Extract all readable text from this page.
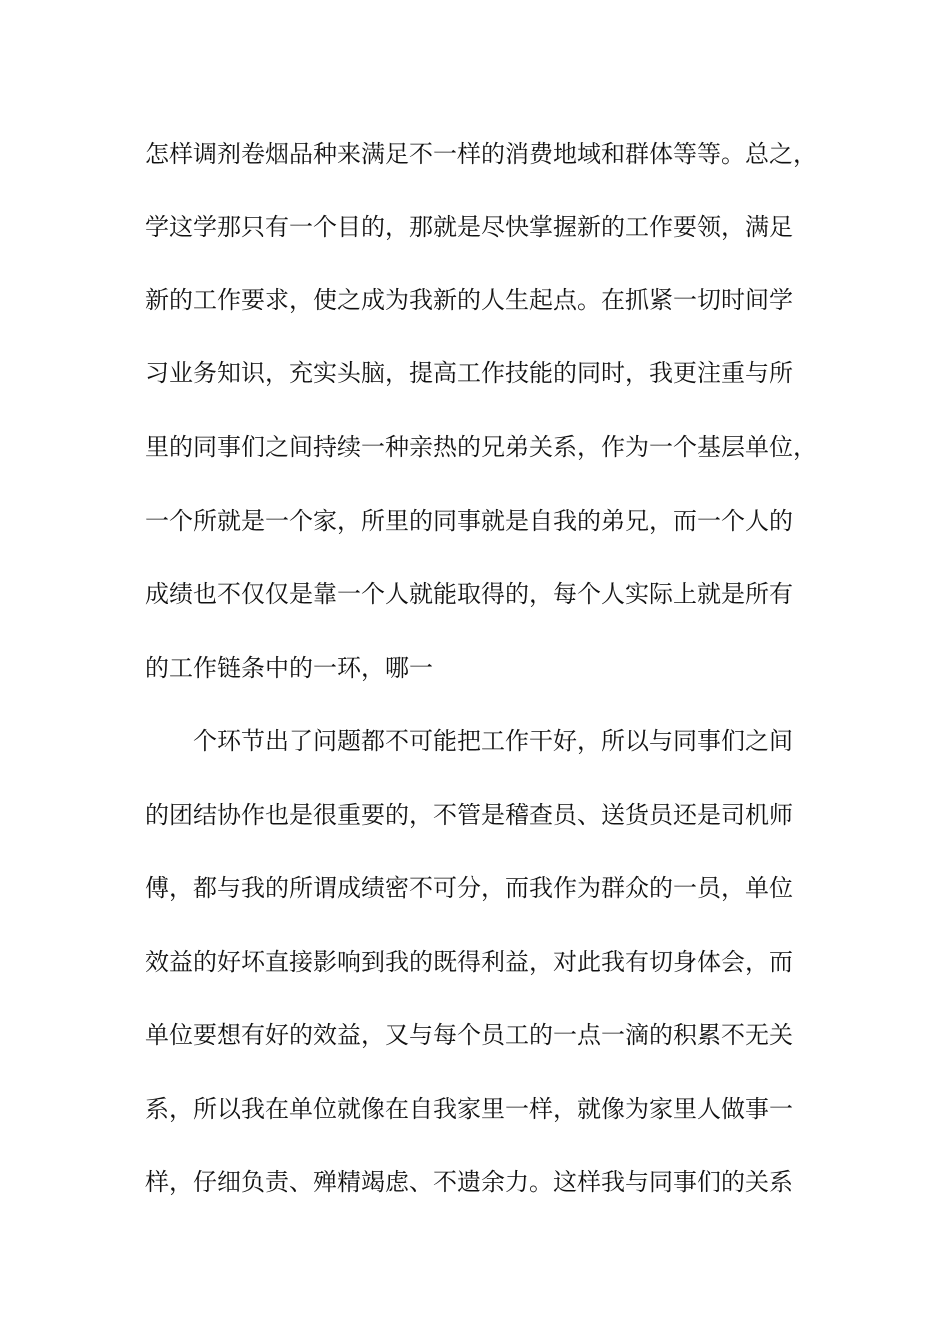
怎样调剂卷烟品种来满足不一样的消费地域和群体等等。总之，
学这学那只有一个目的，那就是尽快掌握新的工作要领，满足
新的工作要求，使之成为我新的人生起点。在抓紧一切时间学
习业务知识，充实头脑，提高工作技能的同时，我更注重与所
里的同事们之间持续一种亲热的兄弟关系，作为一个基层单位，
一个所就是一个家，所里的同事就是自我的弟兄，而一个人的
成绩也不仅仅是靠一个人就能取得的，每个人实际上就是所有
的工作链条中的一环，哪一
个环节出了问题都不可能把工作干好，所以与同事们之间
的团结协作也是很重要的，不管是稽查员、送货员还是司机师
傅，都与我的所谓成绩密不可分，而我作为群众的一员，单位
效益的好坏直接影响到我的既得利益，对此我有切身体会，而
单位要想有好的效益，又与每个员工的一点一滴的积累不无关
系，所以我在单位就像在自我家里一样，就像为家里人做事一
样，仔细负责、殚精竭虑、不遗余力。这样我与同事们的关系
